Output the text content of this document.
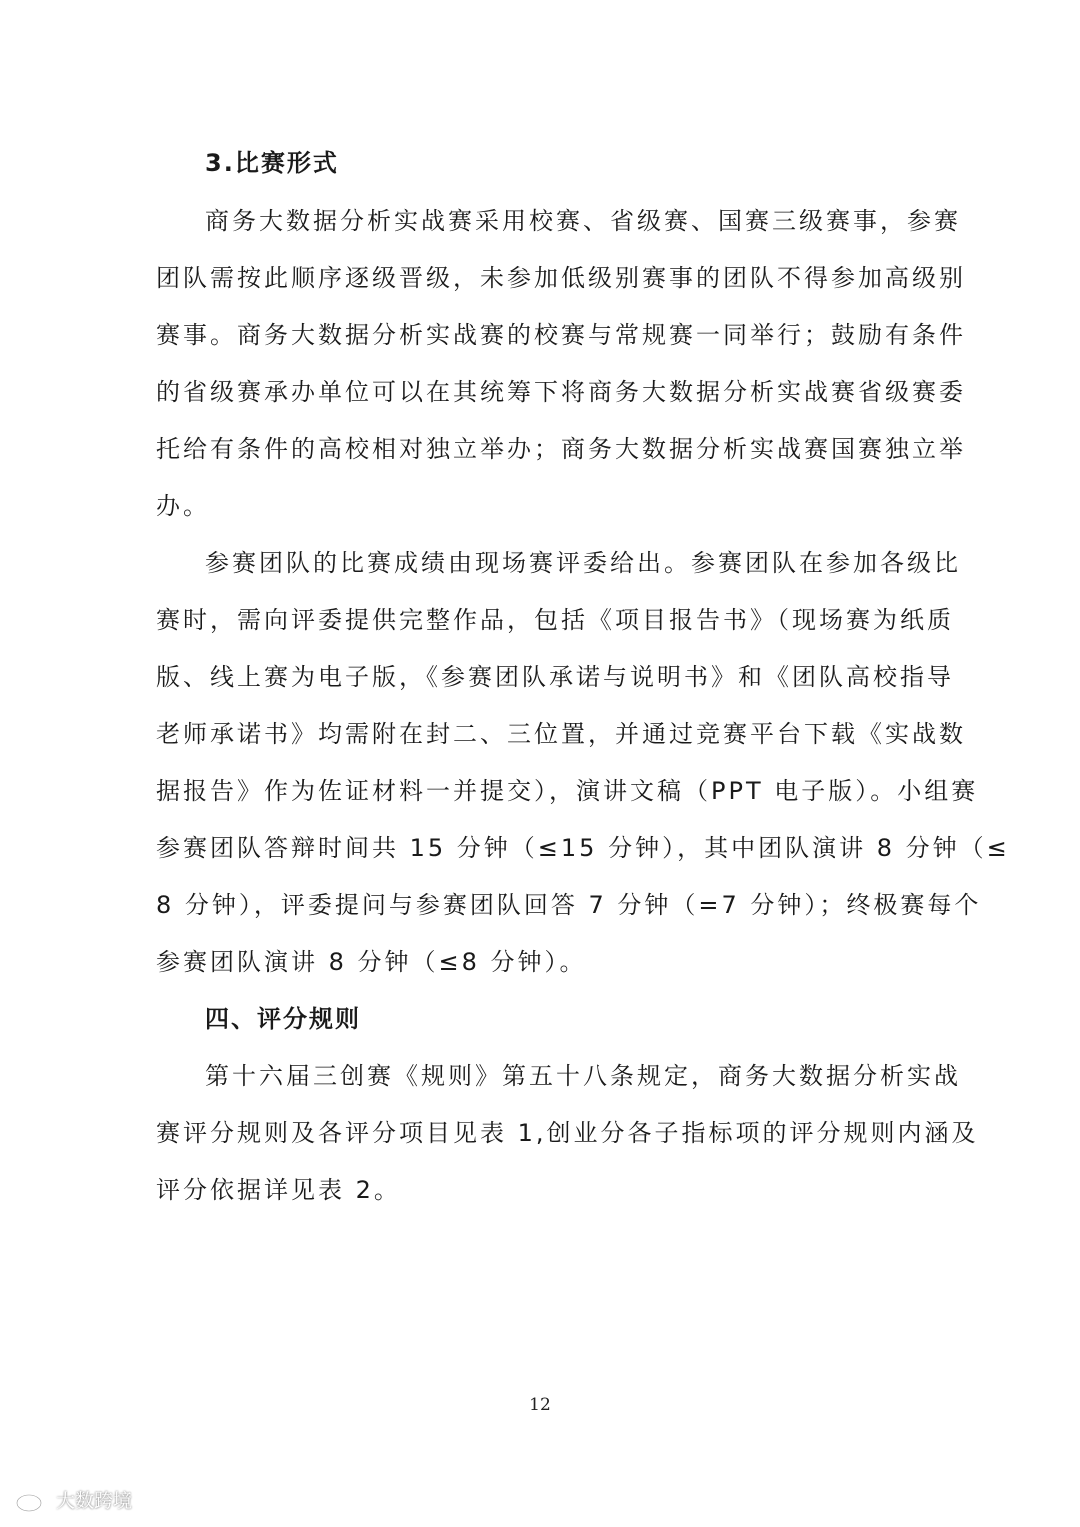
3.比赛形式
商务大数据分析实战赛采用校赛、省级赛、国赛三级赛事，参赛
团队需按此顺序逐级晋级，未参加低级别赛事的团队不得参加高级别
赛事。商务大数据分析实战赛的校赛与常规赛一同举行；鼓励有条件
的省级赛承办单位可以在其统筹下将商务大数据分析实战赛省级赛委
托给有条件的高校相对独立举办；商务大数据分析实战赛国赛独立举
办。
参赛团队的比赛成绩由现场赛评委给出。参赛团队在参加各级比
赛时，需向评委提供完整作品，包括《项目报告书》（现场赛为纸质
版、线上赛为电子版，《参赛团队承诺与说明书》和《团队高校指导
老师承诺书》均需附在封二、三位置，并通过竞赛平台下载《实战数
据报告》作为佐证材料一并提交），演讲文稿（PPT 电子版）。小组赛
参赛团队答辩时间共 15 分钟（≤15 分钟），其中团队演讲 8 分钟（≤
8 分钟），评委提问与参赛团队回答 7 分钟（=7 分钟）；终极赛每个
参赛团队演讲 8 分钟（≤8 分钟）。
四、评分规则
第十六届三创赛《规则》第五十八条规定，商务大数据分析实战
赛评分规则及各评分项目见表 1,创业分各子指标项的评分规则内涵及
评分依据详见表 2。
12
大数跨境
